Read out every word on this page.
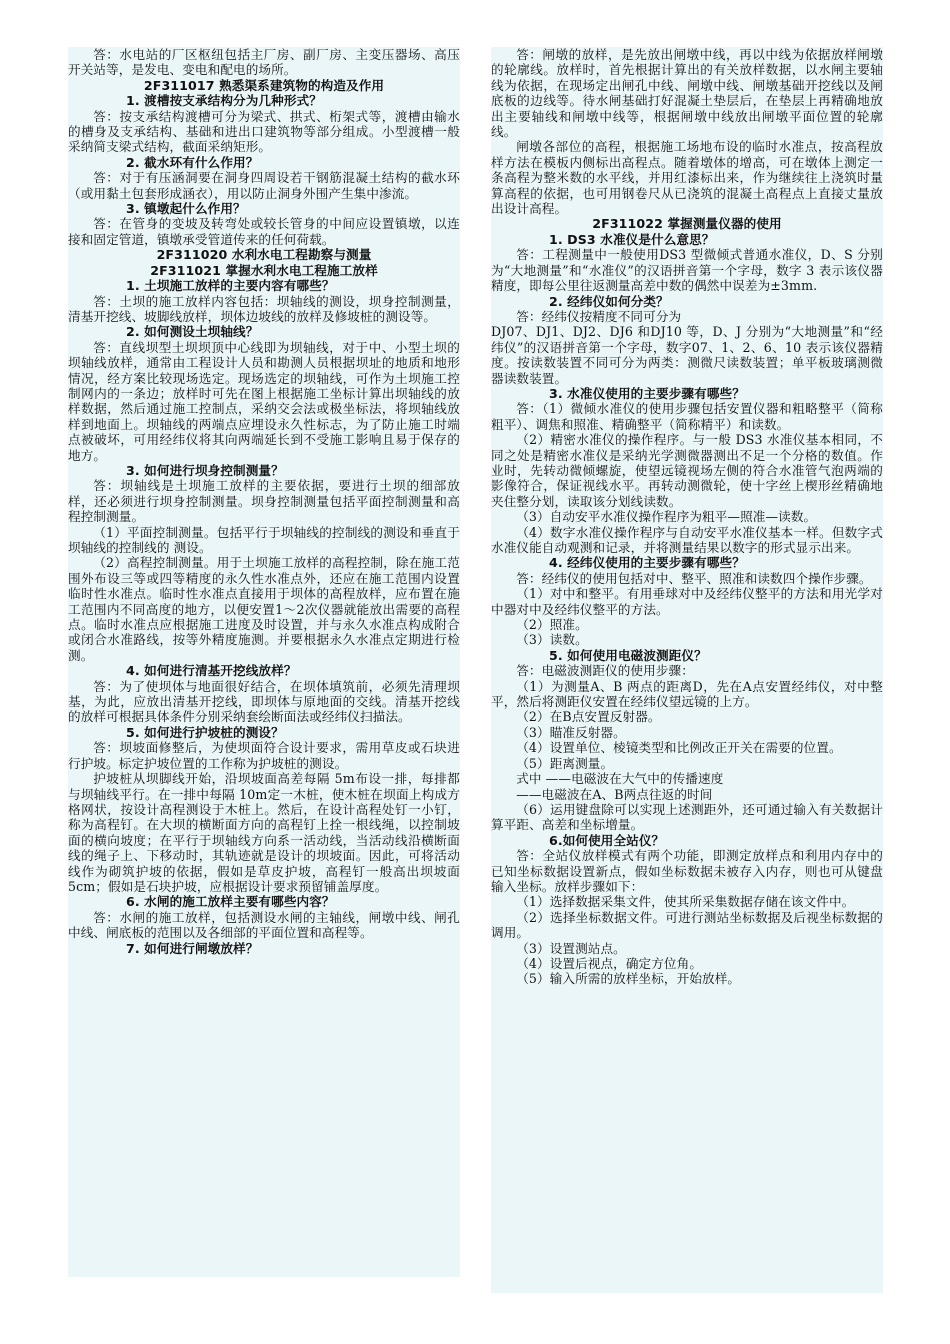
答：水电站的厂区枢纽包括主厂房、副厂房、主变压器场、高压开关站等，是发电、变电和配电的场所。

2F311017 熟悉渠系建筑物的构造及作用
1. 渡槽按支承结构分为几种形式？

答：按支承结构渡槽可分为梁式、拱式、桁架式等，渡槽由输水的槽身及支承结构、基础和进出口建筑物等部分组成。小型渡槽一般采纳简支梁式结构，截面采纳矩形。

2. 截水环有什么作用？

答：对于有压涵洞要在洞身四周设若干钢筋混凝土结构的截水环（或用黏土包套形成涵衣），用以防止洞身外围产生集中渗流。

3. 镇墩起什么作用？

答：在管身的变坡及转弯处或较长管身的中间应设置镇墩，以连接和固定管道，镇墩承受管道传来的任何荷载。

2F311020 水利水电工程勘察与测量
2F311021 掌握水利水电工程施工放样
1. 土坝施工放样的主要内容有哪些？

答：土坝的施工放样内容包括：坝轴线的测设，坝身控制测量，清基开挖线、坡脚线放样，坝体边坡线的放样及修坡桩的测设等。

2. 如何测设土坝轴线？

答：直线坝型土坝坝顶中心线即为坝轴线，对于中、小型土坝的坝轴线放样，通常由工程设计人员和勘测人员根据坝址的地质和地形情况，经方案比较现场选定。现场选定的坝轴线，可作为土坝施工控制网内的一条边；放样时可先在图上根据施工坐标计算出坝轴线的放样数据，然后通过施工控制点，采纳交会法或极坐标法，将坝轴线放样到地面上。坝轴线的两端点应埋设永久性标志，为了防止施工时端点被破坏，可用经纬仪将其向两端延长到不受施工影响且易于保存的地方。

3. 如何进行坝身控制测量？

答：坝轴线是土坝施工放样的主要依据，要进行土坝的细部放样，还必须进行坝身控制测量。坝身控制测量包括平面控制测量和高程控制测量。

（1）平面控制测量。包括平行于坝轴线的控制线的测设和垂直于坝轴线的控制线的 测设。

（2）高程控制测量。用于土坝施工放样的高程控制，除在施工范围外布设三等或四等精度的永久性水准点外，还应在施工范围内设置临时性水准点。临时性水准点直接用于坝体的高程放样，应布置在施工范围内不同高度的地方，以便安置1～2次仪器就能放出需要的高程点。临时水准点应根据施工进度及时设置，并与永久水准点构成附合或闭合水准路线，按等外精度施测。并要根据永久水准点定期进行检测。

4. 如何进行清基开挖线放样？

答：为了使坝体与地面很好结合，在坝体填筑前，必须先清理坝基，为此，应放出清基开挖线，即坝体与原地面的交线。清基开挖线的放样可根据具体条件分别采纳套绘断面法或经纬仪扫描法。

5. 如何进行护坡桩的测设？

答：坝坡面修整后，为使坝面符合设计要求，需用草皮或石块进行护坡。标定护坡位置的工作称为护坡桩的测设。

护坡桩从坝脚线开始，沿坝坡面高差每隔 5m布设一排，每排都与坝轴线平行。在一排中每隔 10m定一木桩，使木桩在坝面上构成方格网状，按设计高程测设于木桩上。然后，在设计高程处钉一小钉，称为高程钉。在大坝的横断面方向的高程钉上拴一根线绳，以控制坡面的横向坡度；在平行于坝轴线方向系一活动线，当活动线沿横断面线的绳子上、下移动时，其轨迹就是设计的坝坡面。因此，可将活动线作为砌筑护坡的依据，假如是草皮护坡，高程钉一般高出坝坡面 5cm；假如是石块护坡，应根据设计要求预留铺盖厚度。

6. 水闸的施工放样主要有哪些内容？

答：水闸的施工放样，包括测设水闸的主轴线，闸墩中线、闸孔中线、闸底板的范围以及各细部的平面位置和高程等。

7. 如何进行闸墩放样？

答：闸墩的放样，是先放出闸墩中线，再以中线为依据放样闸墩的轮廓线。放样时，首先根据计算出的有关放样数据，以水闸主要轴线为依据，在现场定出闸孔中线、闸墩中线、闸墩基础开挖线以及闸底板的边线等。待水闸基础打好混凝土垫层后，在垫层上再精确地放出主要轴线和闸墩中线等，根据闸墩中线放出闸墩平面位置的轮廓线。

闸墩各部位的高程，根据施工场地布设的临时水准点，按高程放样方法在模板内侧标出高程点。随着墩体的增高，可在墩体上测定一条高程为整米数的水平线，并用红漆标出来，作为继续往上浇筑时量算高程的依据，也可用钢卷尺从已浇筑的混凝土高程点上直接丈量放出设计高程。

2F311022 掌握测量仪器的使用
1. DS3 水准仪是什么意思？

答：工程测量中一般使用DS3 型微倾式普通水准仪，D、S 分别为“大地测量”和“水准仪”的汉语拼音第一个字母，数字 3 表示该仪器精度，即每公里往返测量高差中数的偶然中误差为±3mm.

2. 经纬仪如何分类？

答：经纬仪按精度不同可分为

DJ07、DJ1、DJ2、DJ6 和DJ10 等，D、J 分别为“大地测量”和“经纬仪”的汉语拼音第一个字母，数字07、1、2、6、10 表示该仪器精度。按读数装置不同可分为两类：测微尺读数装置；单平板玻璃测微器读数装置。

3. 水准仪使用的主要步骤有哪些？

答：（1）微倾水准仪的使用步骤包括安置仪器和粗略整平（简称粗平）、调焦和照准、精确整平（简称精平）和读数。

（2）精密水准仪的操作程序。与一般 DS3 水准仪基本相同，不同之处是精密水准仪是采纳光学测微器测出不足一个分格的数值。作业时，先转动微倾螺旋，使望远镜视场左侧的符合水准管气泡两端的影像符合，保证视线水平。再转动测微轮，使十字丝上楔形丝精确地夹住整分划，读取该分划线读数。

（3）自动安平水准仪操作程序为粗平—照准—读数。

（4）数字水准仪操作程序与自动安平水准仪基本一样。但数字式水准仪能自动观测和记录，并将测量结果以数字的形式显示出来。

4. 经纬仪使用的主要步骤有哪些？

答：经纬仪的使用包括对中、整平、照准和读数四个操作步骤。

（1）对中和整平。有用垂球对中及经纬仪整平的方法和用光学对中器对中及经纬仪整平的方法。

（2）照准。

（3）读数。

5. 如何使用电磁波测距仪？

答：电磁波测距仪的使用步骤：

（1）为测量A、B 两点的距离D，先在A点安置经纬仪，对中整平，然后将测距仪安置在经纬仪望远镜的上方。

（2）在B点安置反射器。

（3）瞄准反射器。

（4）设置单位、棱镜类型和比例改正开关在需要的位置。

（5）距离测量。

式中 ——电磁波在大气中的传播速度

——电磁波在A、B两点往返的时间

（6）运用键盘除可以实现上述测距外，还可通过输入有关数据计算平距、高差和坐标增量。

6.如何使用全站仪？

答：全站仪放样模式有两个功能，即测定放样点和利用内存中的已知坐标数据设置新点，假如坐标数据未被存入内存，则也可从键盘输入坐标。放样步骤如下：

（1）选择数据采集文件，使其所采集数据存储在该文件中。

（2）选择坐标数据文件。可进行测站坐标数据及后视坐标数据的调用。

（3）设置测站点。

（4）设置后视点，确定方位角。

（5）输入所需的放样坐标，开始放样。
